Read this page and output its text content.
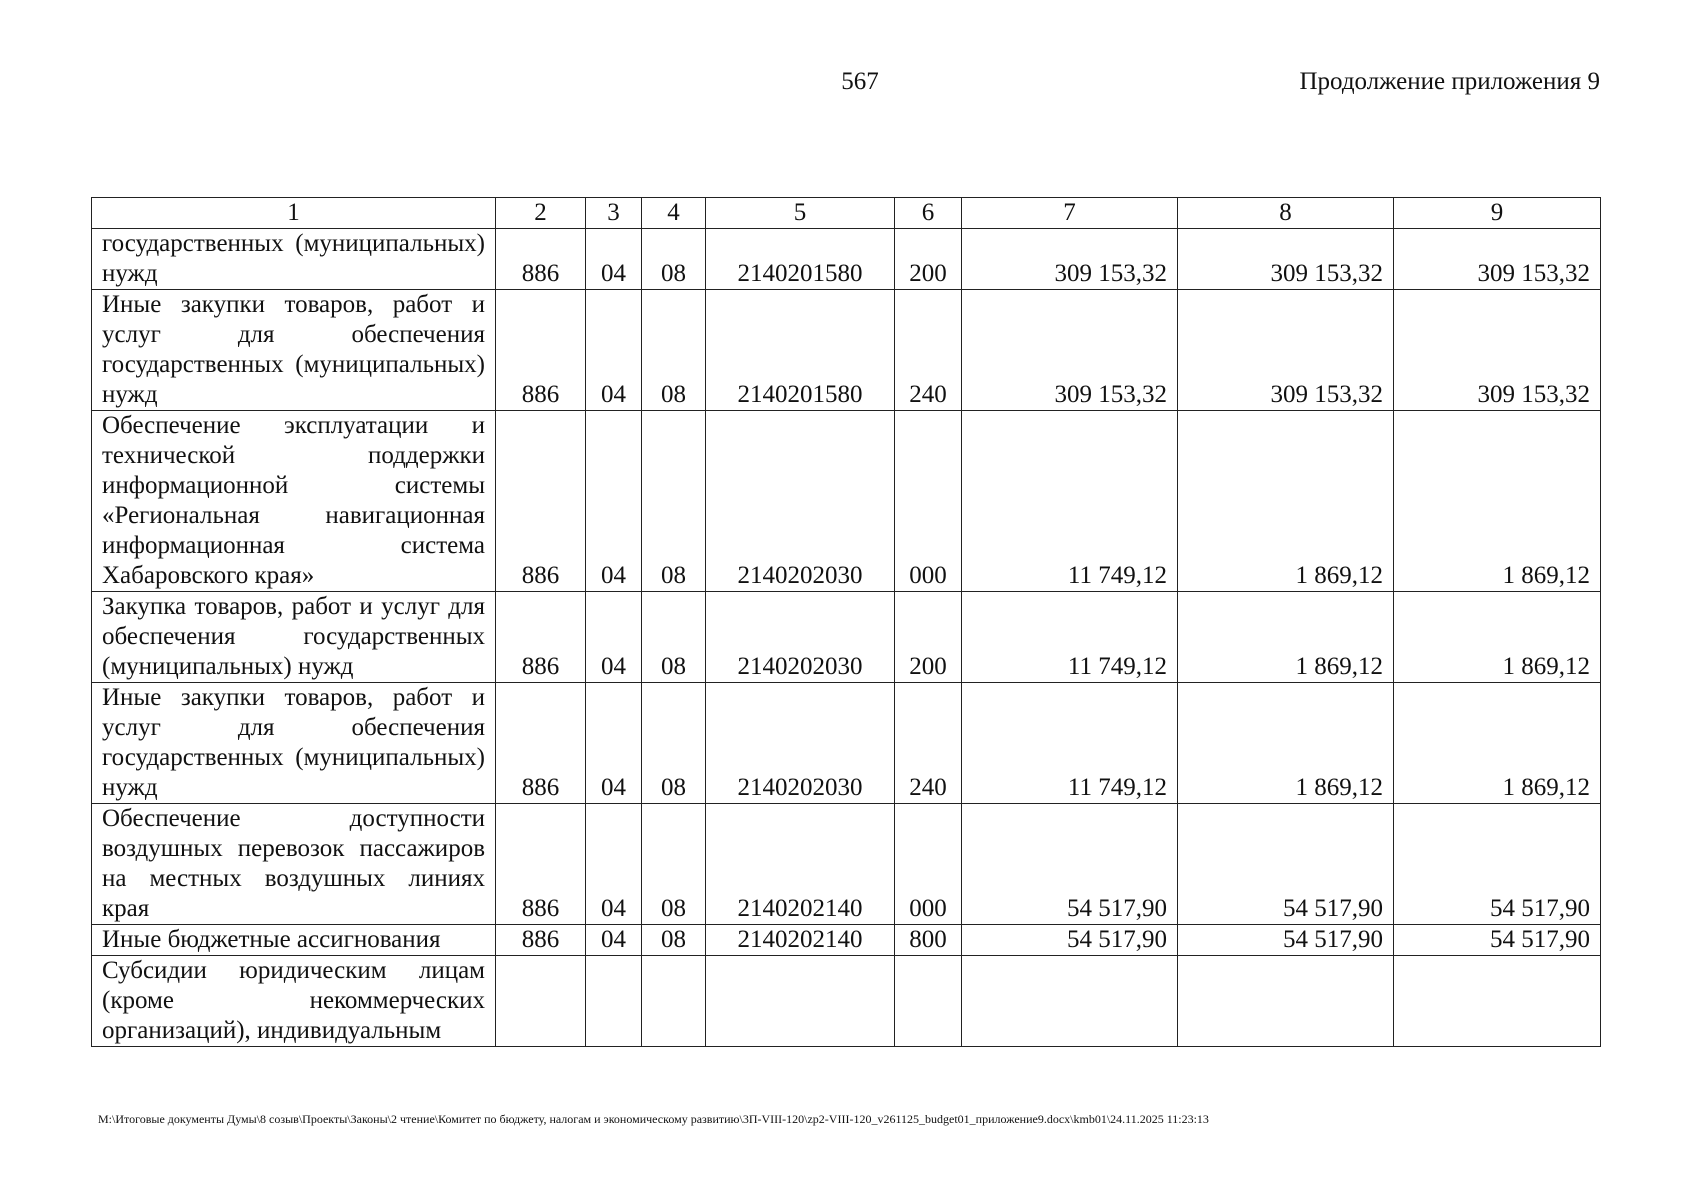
567	Продолжение приложения 9
1	2	3	4	5	6	7	8	9

государственных (муниципальных) нужд	886	04	08	2140201580	200	309 153,32	309 153,32	309 153,32

Иные закупки товаров, работ и услуг для обеспечения государственных (муниципальных) нужд	886	04	08	2140201580	240	309 153,32	309 153,32	309 153,32

Обеспечение эксплуатации и технической поддержки информационной системы «Региональная навигационная информационная система Хабаровского края»	886	04	08	2140202030	000	11 749,12	1 869,12	1 869,12

Закупка товаров, работ и услуг для обеспечения государственных (муниципальных) нужд	886	04	08	2140202030	200	11 749,12	1 869,12	1 869,12

Иные закупки товаров, работ и услуг для обеспечения государственных (муниципальных) нужд	886	04	08	2140202030	240	11 749,12	1 869,12	1 869,12

Обеспечение доступности воздушных перевозок пассажиров на местных воздушных линиях края	886	04	08	2140202140	000	54 517,90	54 517,90	54 517,90

Иные бюджетные ассигнования	886	04	08	2140202140	800	54 517,90	54 517,90	54 517,90

Субсидии юридическим лицам (кроме некоммерческих организаций), индивидуальным								

M:\Итоговые документы Думы\8 созыв\Проекты\Законы\2 чтение\Комитет по бюджету, налогам и экономическому развитию\3П-VIII-120\zp2-VIII-120_v261125_budget01_приложение9.docx\kmb01\24.11.2025 11:23:13
